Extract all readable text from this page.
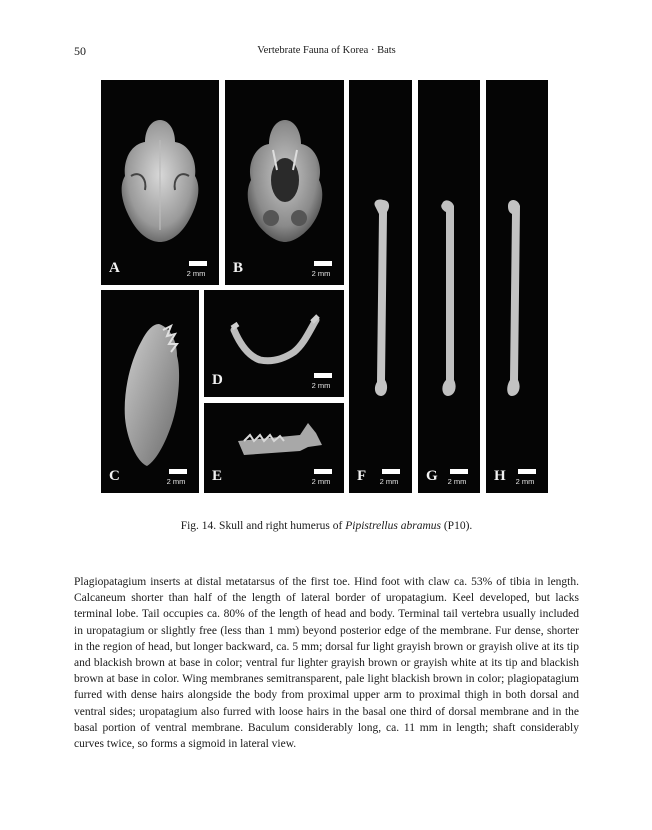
50	Vertebrate Fauna of Korea · Bats
A	2 mm	B	2 mm
C	2 mm
D	2 mm
E	2 mm	F	2 mm	G	2 mm	H	2 mm
Fig. 14. Skull and right humerus of Pipistrellus abramus (P10).
Plagiopatagium inserts at distal metatarsus of the first toe. Hind foot with claw ca. 53% of tibia in length. Calcaneum shorter than half of the length of lateral border of uropatagium. Keel developed, but lacks terminal lobe. Tail occupies ca. 80% of the length of head and body. Terminal tail vertebra usually included in uropatagium or slightly free (less than 1 mm) beyond posterior edge of the membrane. Fur dense, shorter in the region of head, but longer backward, ca. 5 mm; dorsal fur light grayish brown or grayish olive at its tip and blackish brown at base in color; ventral fur lighter grayish brown or grayish white at its tip and blackish brown at base in color. Wing membranes semitransparent, pale light blackish brown in color; plagiopatagium furred with dense hairs alongside the body from proximal upper arm to proximal thigh in both dorsal and ventral sides; uropatagium also furred with loose hairs in the basal one third of dorsal membrane and in the basal portion of ventral membrane. Baculum considerably long, ca. 11 mm in length; shaft considerably curves twice, so forms a sigmoid in lateral view.
